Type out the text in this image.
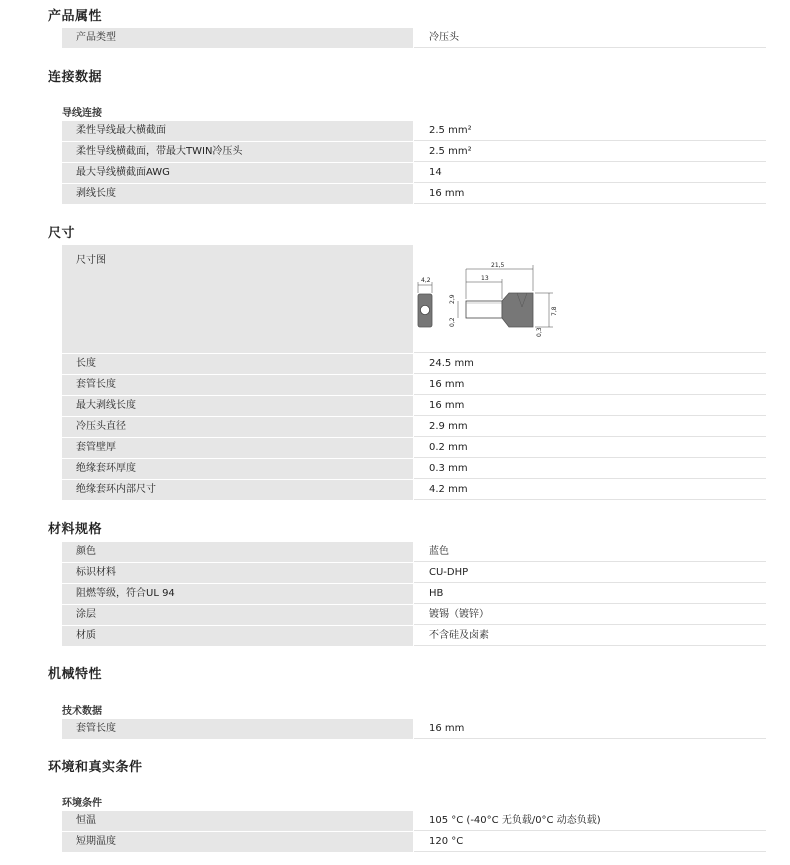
产品属性
产品类型	冷压头
连接数据
导线连接
柔性导线最大横截面	2.5 mm²
柔性导线横截面，带最大TWIN冷压头	2.5 mm²
最大导线横截面AWG	14
剥线长度	16 mm
尺寸
尺寸图
4,2
21,5
13
2,9
0,2
7,8
0,3
长度	24.5 mm
套管长度	16 mm
最大剥线长度	16 mm
冷压头直径	2.9 mm
套管壁厚	0.2 mm
绝缘套环厚度	0.3 mm
绝缘套环内部尺寸	4.2 mm
材料规格
颜色	蓝色
标识材料	CU-DHP
阻燃等级，符合UL 94	HB
涂层	镀锡（镀锌）
材质	不含硅及卤素
机械特性
技术数据
套管长度	16 mm
环境和真实条件
环境条件
恒温	105 °C (-40°C 无负载/0°C 动态负载)
短期温度	120 °C
